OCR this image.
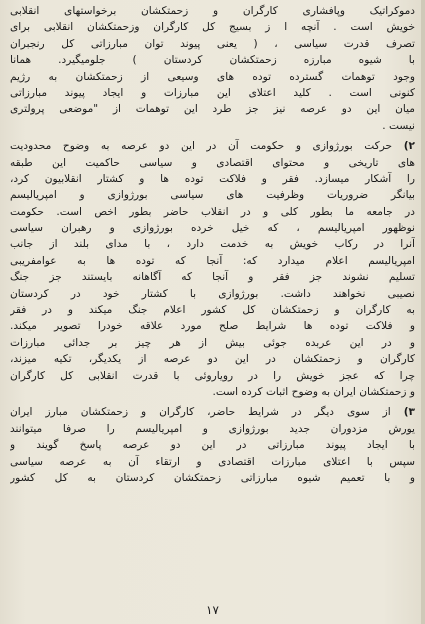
دموکراتیک وپافشاری کارگران و زحمتکشان برخواستهای انقلابی
خویش است . آنچه ا ز بسیج کل کارگران وزحمتکشان انقلابی برای
تصرف قدرت سیاسی ، ( یعنی پیوند توان مبارزاتی کل رنجبران
با شیوه مبارزه زحمتکشان کردستان ) جلوميگیرد. همانا
وجود توهمات گسترده توده های وسیعی از زحمتکشان به رژیم
کنونی است . کلید اعتلای این مبارزات و ایجاد پیوند مبارزاتی
میان این دو عرصه نیز جز طرد این توهمات از "موضعی پرولتری
نیست .
۲) حرکت بورژوازی و حکومت آن در این دو عرصه به وضوح محدودیت
های تاریخی و محتوای اقتصادی و سیاسی حاکمیت این طبقه
را آشکار میسازد. فقر و فلاکت توده ها و کشتار انقلابیون کرد،
بیانگر ضروریات وظرفیت های سیاسی بورژوازی و امپریالیسم
در جامعه ما بطور کلی و در انقلاب حاضر بطور اخص است. حکومت
نوظهور امپریالیسم ، که خیل خرده بورژوازی و رهبران سیاسی
آنرا در رکاب خویش به خدمت دارد ، با مدای بلند از جانب
امپریالیسم اعلام میدارد که: آنجا که توده ها به عوامفریبی
تسلیم نشوند جز فقر و آنجا که آگاهانه بایستند جز جنگ
نصیبی نخواهند داشت. بورژوازی با کشتار خود در کردستان
به کارگران و زحمتکشان کل کشور اعلام جنگ میکند و در فقر
و فلاکت توده ها شرایط صلح مورد علاقه خودرا تصویر میکند.
و در این عربده جوئی بیش از هر چیز بر جدائی مبارزات
کارگران و زحمتکشان در این دو عرصه از یکدیگر، تکیه میزند،
چرا که عجز خویش را در رویاروئی با قدرت انقلابی کل کارگران
و زحمتکشان ایران به وضوح اثبات کرده است.
۳) از سوی دیگر در شرایط حاضر، کارگران و زحمتکشان مبارز ایران
یورش مزدوران جدید بورژوازی و امپریالیسم را صرفا میتوانند
با ایجاد پیوند مبارزاتی در این دو عرصه پاسخ گویند و
سپس با اعتلای مبارزات اقتصادی و ارتقاء آن به عرصه سیاسی
و با تعمیم شیوه مبارزاتی زحمتکشان کردستان به کل کشور
۱۷
